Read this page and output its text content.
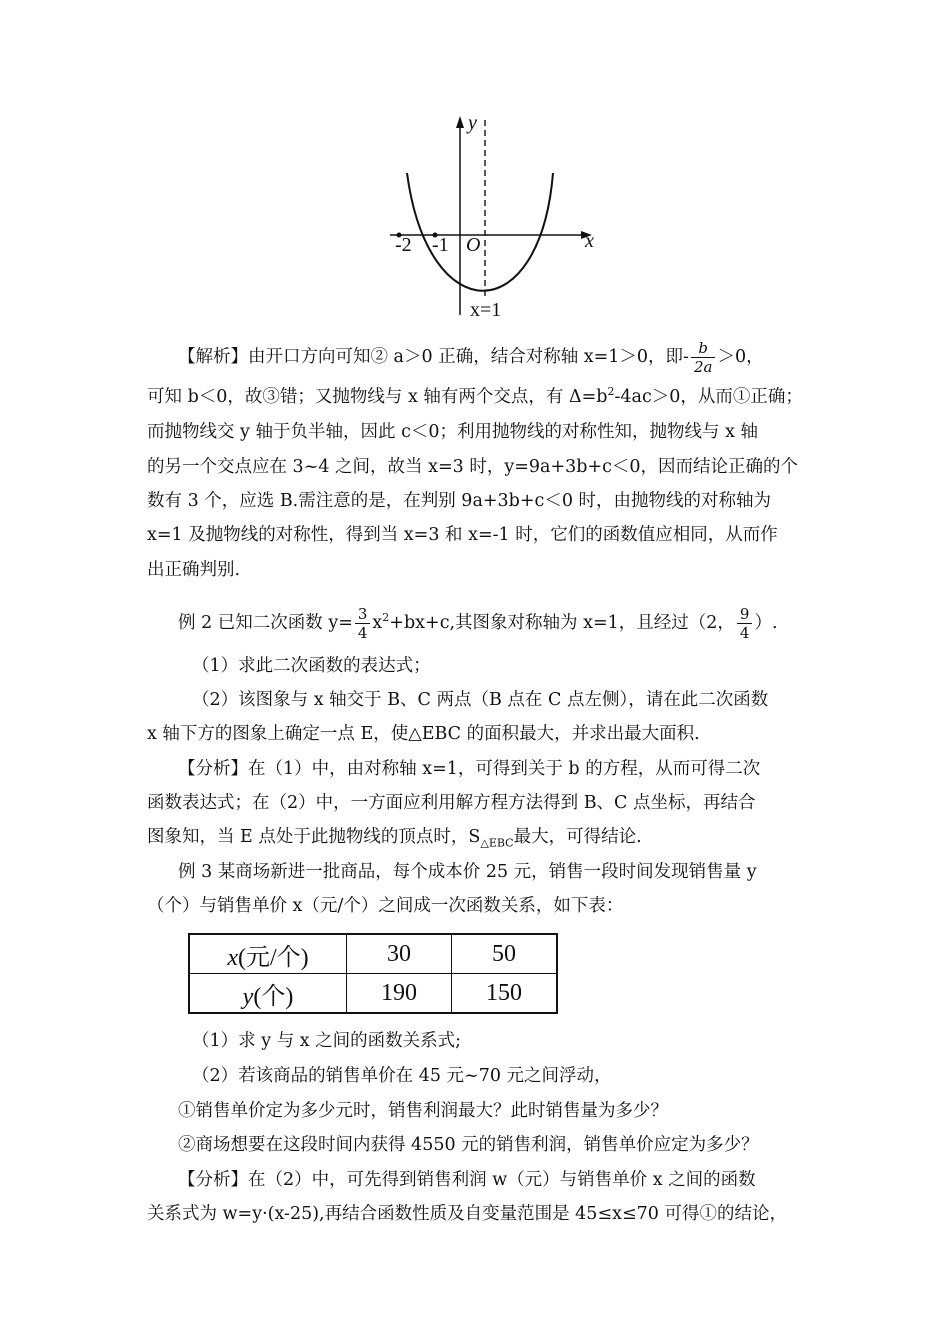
y
x
-2 -1 O
x=1
【解析】由开口方向可知② a＞0 正确，结合对称轴 x=1＞0，即- $\frac{b}{2a} >0$，
可知 b＜0，故③错；又抛物线与 x 轴有两个交点，有 $\Delta=b^2-4ac>0$，从而①正确；
而抛物线交 y 轴于负半轴，因此 c＜0；利用抛物线的对称性知，抛物线与 x 轴
的另一个交点应在 3~4 之间，故当 x=3 时，y=9a+3b+c＜0，因而结论正确的个
数有 3 个，应选 B.需注意的是，在判别 9a+3b+c＜0 时，由抛物线的对称轴为
x=1 及抛物线的对称性，得到当 x=3 和 x=-1 时，它们的函数值应相同，从而作
出正确判别.
例 2 已知二次函数 $y= \frac{3}{4} x^2+bx+c$,其图象对称轴为 x=1，且经过（2， $\frac{9}{4}$ ）.
（1）求此二次函数的表达式；
（2）该图象与 x 轴交于 B、C 两点（B 点在 C 点左侧），请在此二次函数
x 轴下方的图象上确定一点 E，使△EBC 的面积最大，并求出最大面积.
【分析】在（1）中，由对称轴 x=1，可得到关于 b 的方程，从而可得二次
函数表达式；在（2）中，一方面应利用解方程方法得到 B、C 点坐标，再结合
图象知，当 E 点处于此抛物线的顶点时，$S_{\triangle EBC}$最大，可得结论.
例 3 某商场新进一批商品，每个成本价 25 元，销售一段时间发现销售量 y
（个）与销售单价 x（元/个）之间成一次函数关系，如下表：
x(元/个)	30	50
y(个)	190	150
（1）求 y 与 x 之间的函数关系式;
（2）若该商品的销售单价在 45 元~70 元之间浮动，
①销售单价定为多少元时，销售利润最大？此时销售量为多少？
②商场想要在这段时间内获得 4550 元的销售利润，销售单价应定为多少？
【分析】在（2）中，可先得到销售利润 w（元）与销售单价 x 之间的函数
关系式为 w=y·(x-25),再结合函数性质及自变量范围是 45≤x≤70 可得①的结论，
